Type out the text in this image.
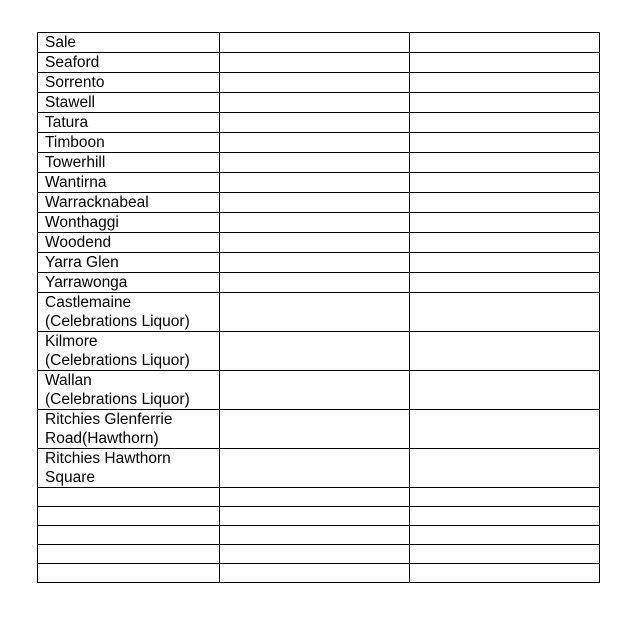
Sale		

Seaford		

Sorrento		

Stawell		

Tatura		

Timboon		

Towerhill		

Wantirna		

Warracknabeal		

Wonthaggi		

Woodend		

Yarra Glen		

Yarrawonga		

Castlemaine
(Celebrations Liquor)		

Kilmore
(Celebrations Liquor)		

Wallan
(Celebrations Liquor)		

Ritchies Glenferrie
Road(Hawthorn)		

Ritchies Hawthorn
Square		
